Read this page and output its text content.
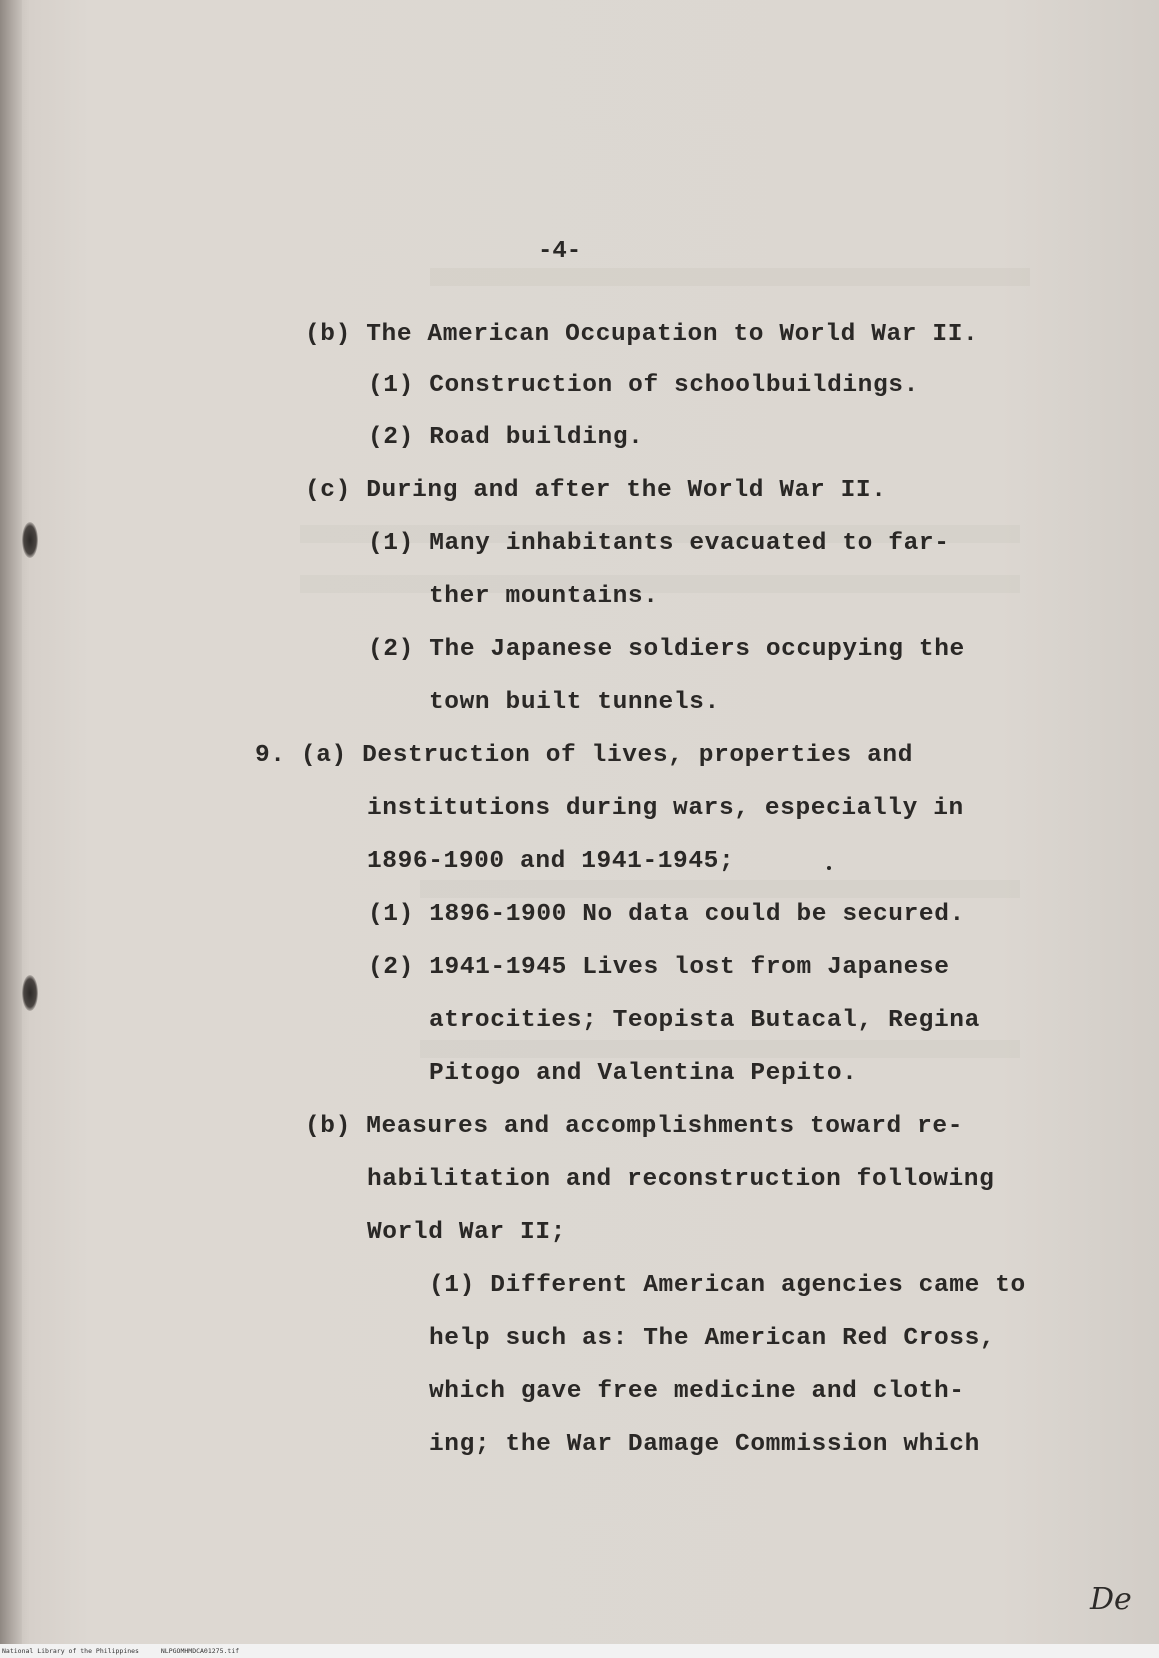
-4-
(b) The American Occupation to World War II.
(1) Construction of schoolbuildings.
(2) Road building.
(c) During and after the World War II.
(1) Many inhabitants evacuated to far-
ther mountains.
(2) The Japanese soldiers occupying the
town built tunnels.
9. (a) Destruction of lives, properties and
institutions during wars, especially in
1896-1900 and 1941-1945;
(1) 1896-1900 No data could be secured.
(2) 1941-1945 Lives lost from Japanese
atrocities; Teopista Butacal, Regina
Pitogo and Valentina Pepito.
(b) Measures and accomplishments toward re-
habilitation and reconstruction following
World War II;
(1) Different American agencies came to
help such as: The American Red Cross,
which gave free medicine and cloth-
ing; the War Damage Commission which
De
National Library of the Philippines	NLPGOMHMDCA01275.tif
